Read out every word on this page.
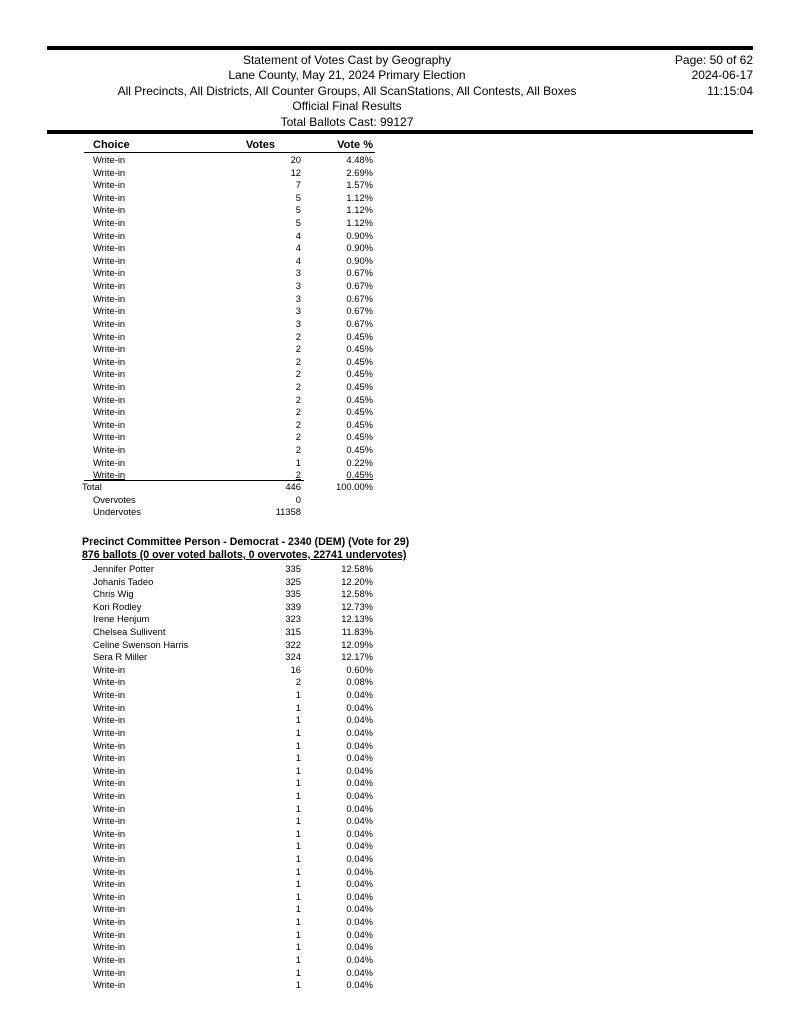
Statement of Votes Cast by Geography
Lane County, May 21, 2024 Primary Election
All Precincts, All Districts, All Counter Groups, All ScanStations, All Contests, All Boxes
Official Final Results
Total Ballots Cast: 99127
Page: 50 of 62
2024-06-17
11:15:04
Choice	Votes	Vote %
Write-in	20	4.48%
Write-in	12	2.69%
Write-in	7	1.57%
Write-in	5	1.12%
Write-in	5	1.12%
Write-in	5	1.12%
Write-in	4	0.90%
Write-in	4	0.90%
Write-in	4	0.90%
Write-in	3	0.67%
Write-in	3	0.67%
Write-in	3	0.67%
Write-in	3	0.67%
Write-in	3	0.67%
Write-in	2	0.45%
Write-in	2	0.45%
Write-in	2	0.45%
Write-in	2	0.45%
Write-in	2	0.45%
Write-in	2	0.45%
Write-in	2	0.45%
Write-in	2	0.45%
Write-in	2	0.45%
Write-in	2	0.45%
Write-in	1	0.22%
Write-in	2	0.45%
Total	446	100.00%
Overvotes	0
Undervotes	11358
Precinct Committee Person - Democrat - 2340 (DEM) (Vote for 29)
876 ballots (0 over voted ballots, 0 overvotes, 22741 undervotes)
Jennifer Potter	335	12.58%
Johanis Tadeo	325	12.20%
Chris Wig	335	12.58%
Kori Rodley	339	12.73%
Irene Henjum	323	12.13%
Chelsea Sullivent	315	11.83%
Celine Swenson Harris	322	12.09%
Sera R Miller	324	12.17%
Write-in	16	0.60%
Write-in	2	0.08%
Write-in	1	0.04%
Write-in	1	0.04%
Write-in	1	0.04%
Write-in	1	0.04%
Write-in	1	0.04%
Write-in	1	0.04%
Write-in	1	0.04%
Write-in	1	0.04%
Write-in	1	0.04%
Write-in	1	0.04%
Write-in	1	0.04%
Write-in	1	0.04%
Write-in	1	0.04%
Write-in	1	0.04%
Write-in	1	0.04%
Write-in	1	0.04%
Write-in	1	0.04%
Write-in	1	0.04%
Write-in	1	0.04%
Write-in	1	0.04%
Write-in	1	0.04%
Write-in	1	0.04%
Write-in	1	0.04%
Write-in	1	0.04%
